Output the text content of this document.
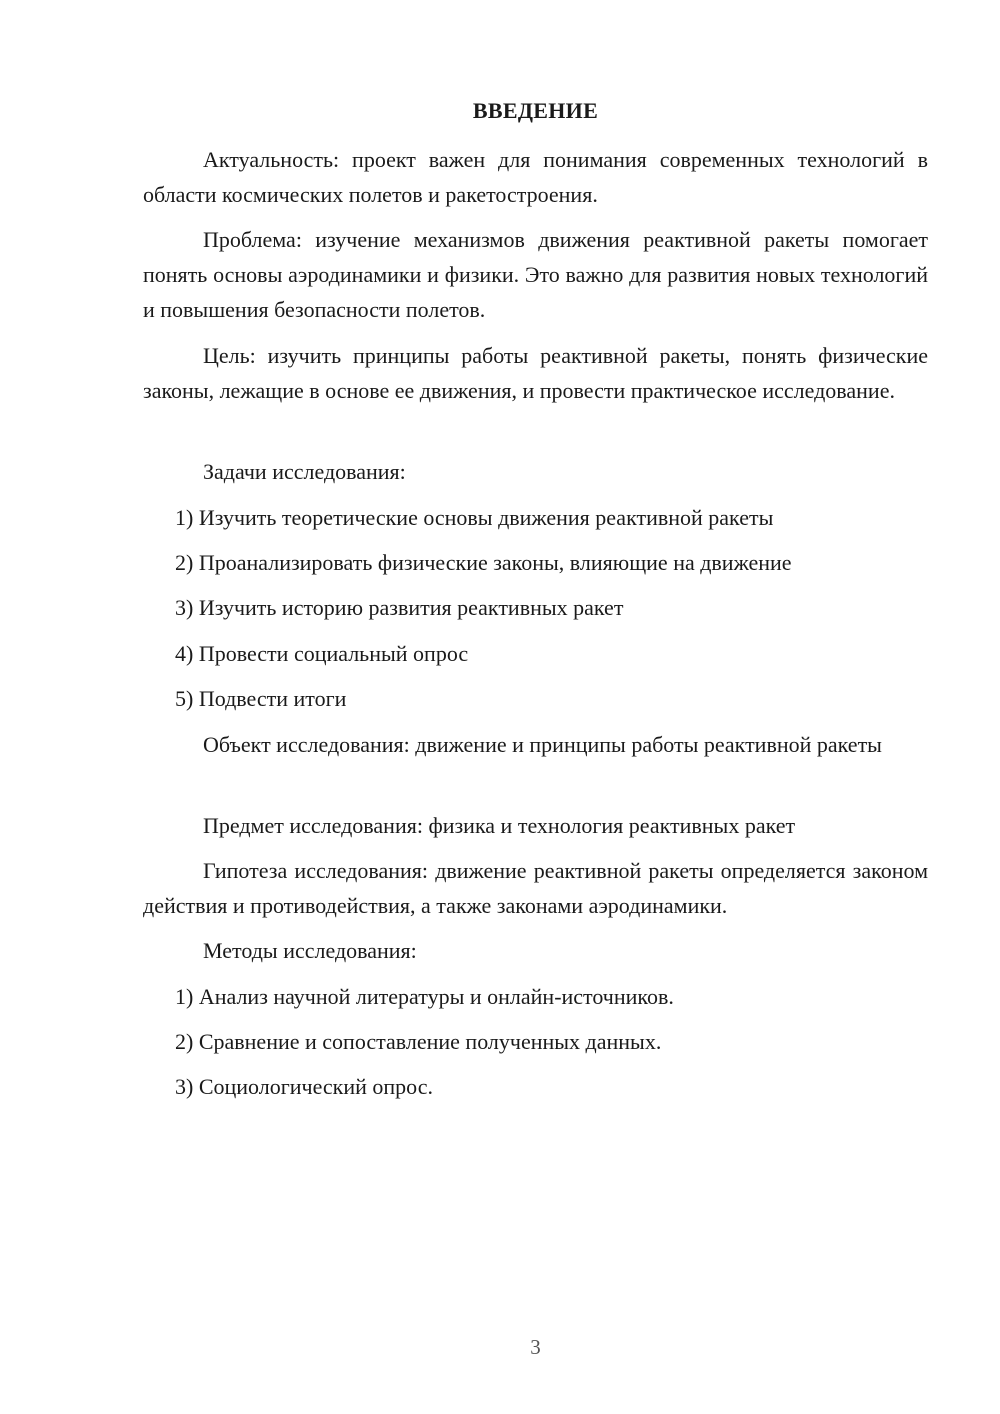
ВВЕДЕНИЕ

Актуальность: проект важен для понимания современных технологий в области космических полетов и ракетостроения.

Проблема: изучение механизмов движения реактивной ракеты помогает понять основы аэродинамики и физики. Это важно для развития новых технологий и повышения безопасности полетов.

Цель: изучить принципы работы реактивной ракеты, понять физические законы, лежащие в основе ее движения, и провести практическое исследование.

Задачи исследования:

1) Изучить теоретические основы движения реактивной ракеты

2) Проанализировать физические законы, влияющие на движение

3) Изучить историю развития реактивных ракет

4) Провести социальный опрос

5) Подвести итоги

Объект исследования: движение и принципы работы реактивной ракеты

Предмет исследования: физика и технология реактивных ракет

Гипотеза исследования: движение реактивной ракеты определяется законом действия и противодействия, а также законами аэродинамики.

Методы исследования:

1) Анализ научной литературы и онлайн-источников.

2) Сравнение и сопоставление полученных данных.

3) Социологический опрос.

3
